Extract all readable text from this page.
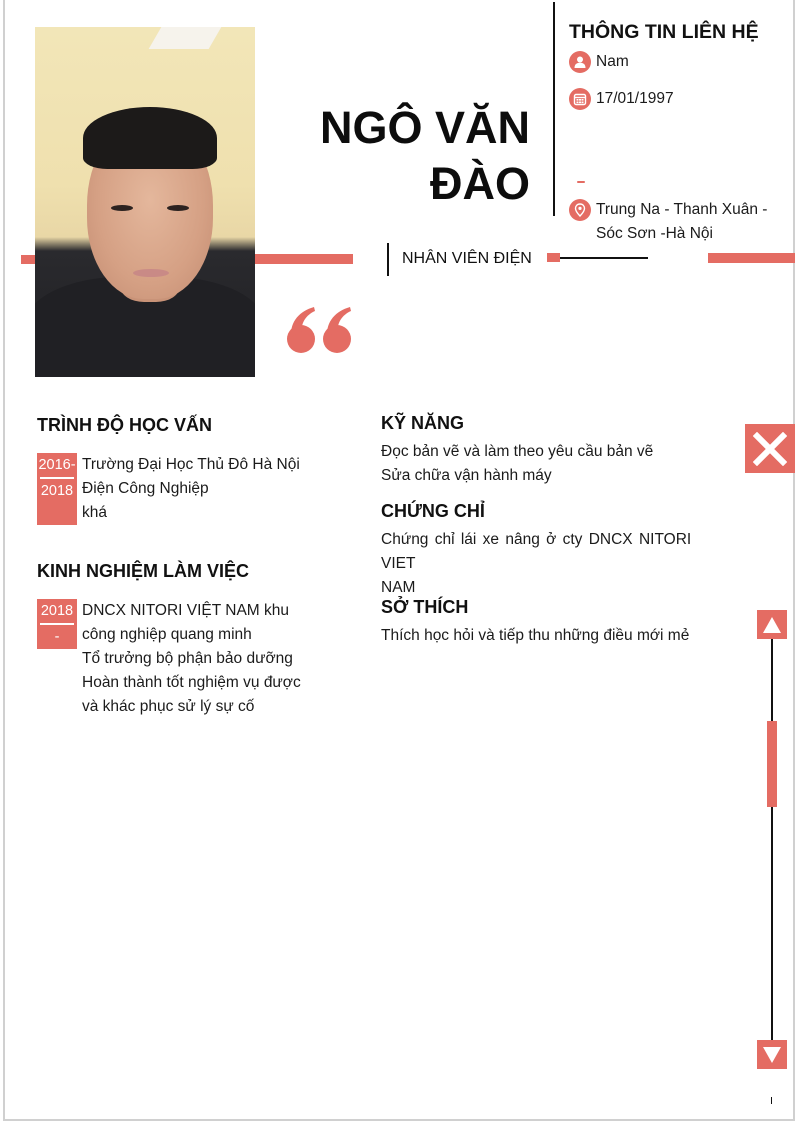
NGÔ VĂN
ĐÀO
NHÂN VIÊN ĐIỆN
THÔNG TIN LIÊN HỆ
Nam
17/01/1997
Trung Na - Thanh Xuân -
Sóc Sơn -Hà Nội
TRÌNH ĐỘ HỌC VẤN
2016-
2018
Trường Đại Học Thủ Đô Hà Nội
Điện Công Nghiệp
khá
KINH NGHIỆM LÀM VIỆC
2018
-
DNCX NITORI VIỆT NAM khu
công nghiệp quang minh
Tổ trưởng bộ phận bảo dưỡng
Hoàn thành tốt nghiệm vụ được
và khác phục sử lý sự cố
KỸ NĂNG
Đọc bản vẽ và làm theo yêu cầu bản vẽ
Sửa chữa vận hành máy
CHỨNG CHỈ
Chứng chỉ lái xe nâng ở cty DNCX NITORI VIET
NAM
SỞ THÍCH
Thích học hỏi và tiếp thu những điều mới mẻ
